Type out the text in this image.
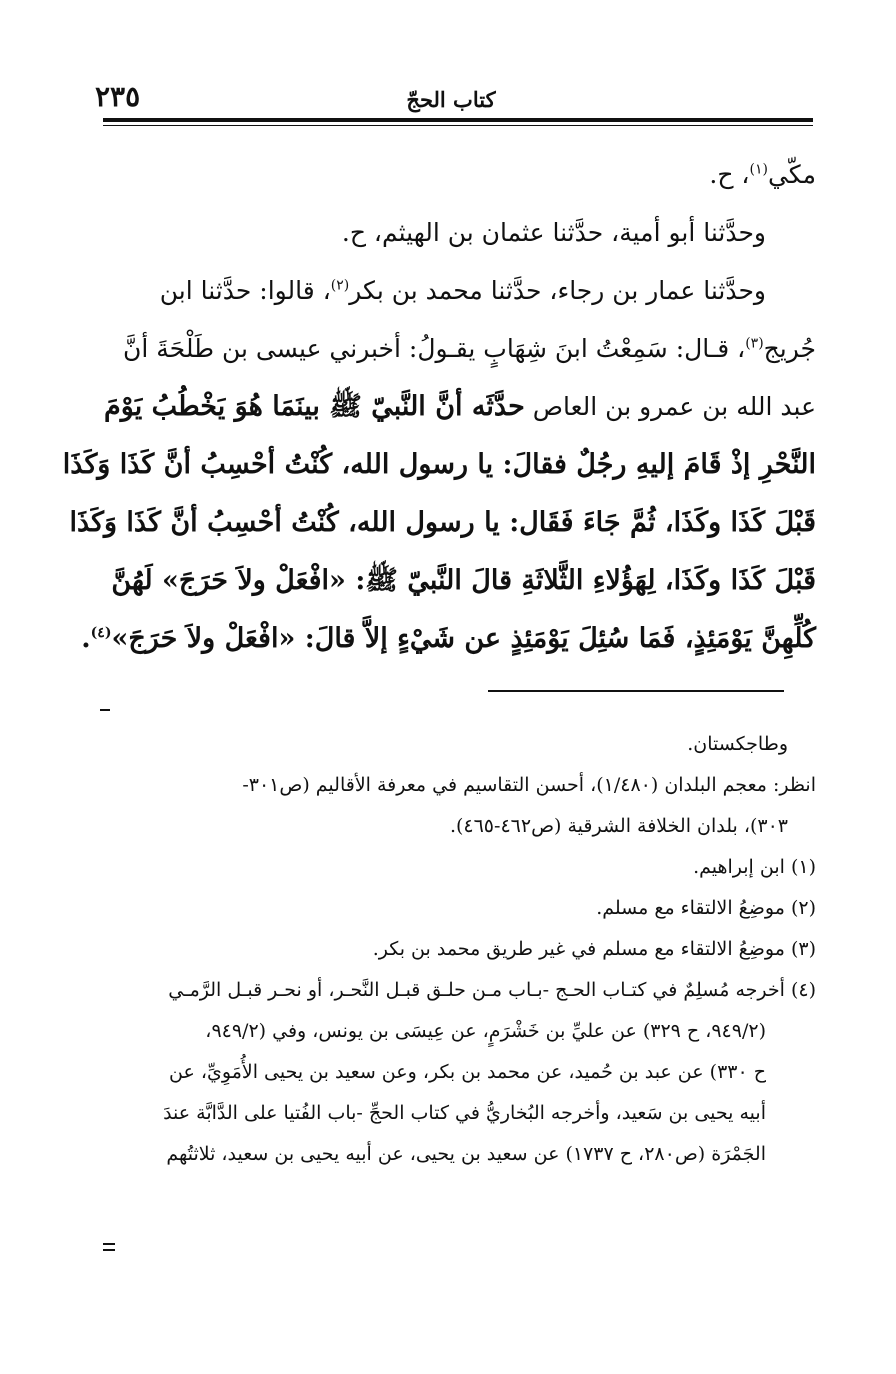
كتاب الحجّ
٢٣٥
مكّي$^{(١)}$، ح.
وحدَّثنا أبو أمية، حدَّثنا عثمان بن الهيثم، ح.
وحدَّثنا عمار بن رجاء، حدَّثنا محمد بن بكر$^{(٢)}$، قالوا: حدَّثنا ابن
جُريج$^{(٣)}$، قـال: سَمِعْتُ ابنَ شِهَابٍ يقـولُ: أخبرني عيسى بن طَلْحَةَ أنَّ
عبد الله بن عمرو بن العاص حدَّثَه أنَّ النَّبيّ ﷺ بينَمَا هُوَ يَخْطُبُ يَوْمَ
النَّحْرِ إذْ قَامَ إليهِ رجُلٌ فقالَ: يا رسول الله، كُنْتُ أحْسِبُ أنَّ كَذَا وَكَذَا
قَبْلَ كَذَا وكَذَا، ثُمَّ جَاءَ فَقَال: يا رسول الله، كُنْتُ أحْسِبُ أنَّ كَذَا وَكَذَا
قَبْلَ كَذَا وكَذَا، لِهَؤُلاءِ الثَّلاثَةِ قالَ النَّبيّ ﷺ: «افْعَلْ ولاَ حَرَجَ» لَهُنَّ
كُلِّهِنَّ يَوْمَئِذٍ، فَمَا سُئِلَ يَوْمَئِذٍ عن شَيْءٍ إلاَّ قالَ: «افْعَلْ ولاَ حَرَجَ»$^{(٤)}$.
وطاجكستان.
انظر: معجم البلدان (١/٤٨٠)، أحسن التقاسيم في معرفة الأقاليم (ص٣٠١-
٣٠٣)، بلدان الخلافة الشرقية (ص٤٦٢-٤٦٥).
(١) ابن إبراهيم.
(٢) موضِعُ الالتقاء مع مسلم.
(٣) موضِعُ الالتقاء مع مسلم في غير طريق محمد بن بكر.
(٤) أخرجه مُسلِمٌ في كتـاب الحـج -بـاب مـن حلـق قبـل النَّحـر، أو نحـر قبـل الرَّمـي
(٩٤٩/٢، ح ٣٢٩) عن عليِّ بن خَشْرَمٍ، عن عِيسَى بن يونس، وفي (٩٤٩/٢،
ح ٣٣٠) عن عبد بن حُميد، عن محمد بن بكر، وعن سعيد بن يحيى الأُمَوِيِّ، عن
أبيه يحيى بن سَعيد، وأخرجه البُخاريُّ في كتاب الحجِّ -باب الفُتيا على الدَّابَّة عندَ
الجَمْرَة (ص٢٨٠، ح ١٧٣٧) عن سعيد بن يحيى، عن أبيه يحيى بن سعيد، ثلاثتُهم
